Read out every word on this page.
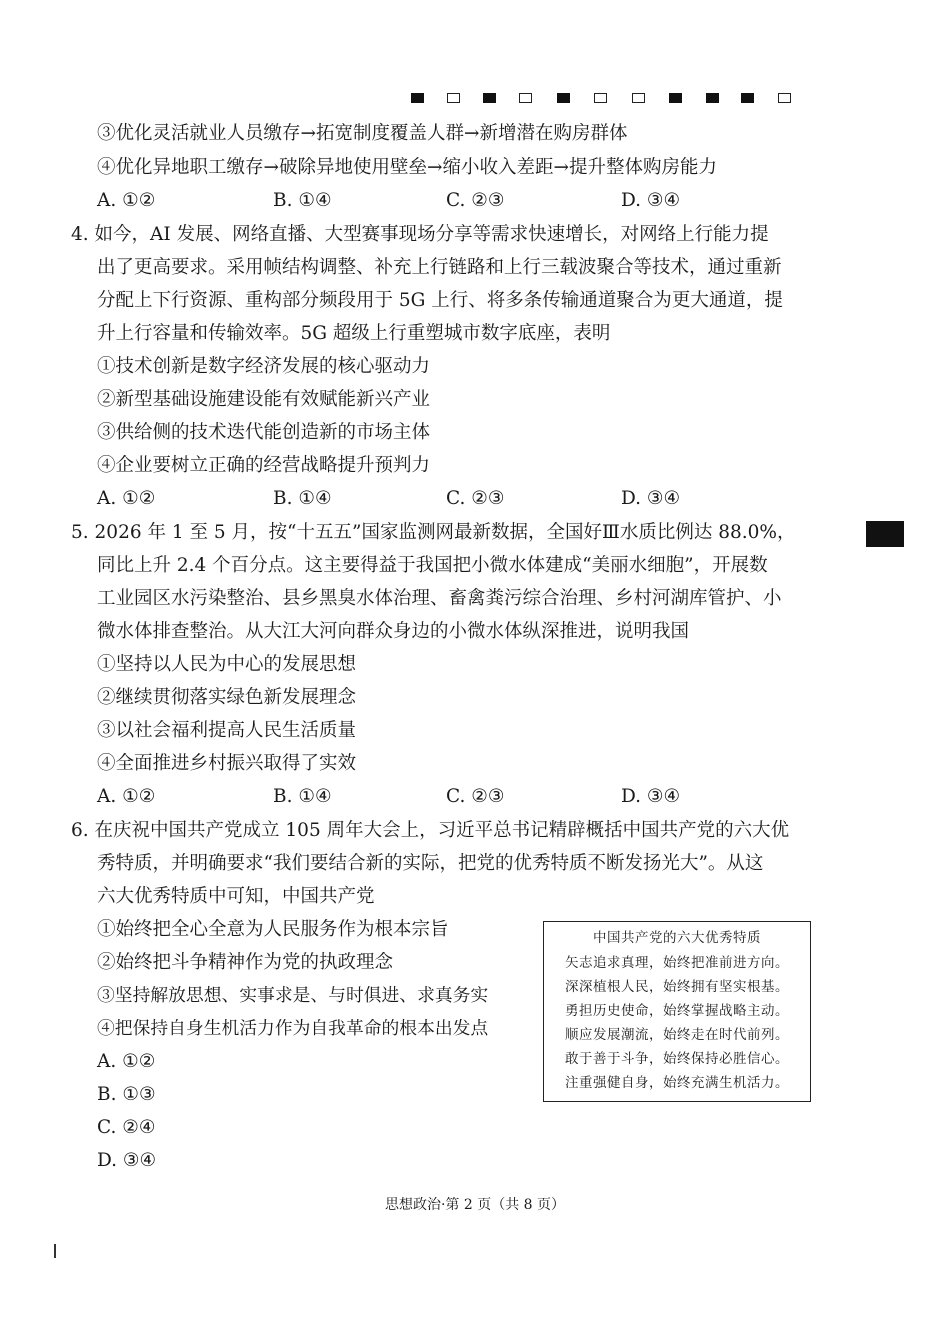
③优化灵活就业人员缴存→拓宽制度覆盖人群→新增潜在购房群体
④优化异地职工缴存→破除异地使用壁垒→缩小收入差距→提升整体购房能力
A. ①②	B. ①④	C. ②③	D. ③④
4. 如今，AI 发展、网络直播、大型赛事现场分享等需求快速增长，对网络上行能力提
出了更高要求。采用帧结构调整、补充上行链路和上行三载波聚合等技术，通过重新
分配上下行资源、重构部分频段用于 5G 上行、将多条传输通道聚合为更大通道，提
升上行容量和传输效率。5G 超级上行重塑城市数字底座，表明
①技术创新是数字经济发展的核心驱动力
②新型基础设施建设能有效赋能新兴产业
③供给侧的技术迭代能创造新的市场主体
④企业要树立正确的经营战略提升预判力
A. ①②	B. ①④	C. ②③	D. ③④
5. 2026 年 1 至 5 月，按“十五五”国家监测网最新数据，全国好Ⅲ水质比例达 88.0%，
同比上升 2.4 个百分点。这主要得益于我国把小微水体建成“美丽水细胞”，开展数
工业园区水污染整治、县乡黑臭水体治理、畜禽粪污综合治理、乡村河湖库管护、小
微水体排查整治。从大江大河向群众身边的小微水体纵深推进，说明我国
①坚持以人民为中心的发展思想
②继续贯彻落实绿色新发展理念
③以社会福利提高人民生活质量
④全面推进乡村振兴取得了实效
A. ①②	B. ①④	C. ②③	D. ③④
6. 在庆祝中国共产党成立 105 周年大会上，习近平总书记精辟概括中国共产党的六大优
秀特质，并明确要求“我们要结合新的实际，把党的优秀特质不断发扬光大”。从这
六大优秀特质中可知，中国共产党
①始终把全心全意为人民服务作为根本宗旨
②始终把斗争精神作为党的执政理念
③坚持解放思想、实事求是、与时俱进、求真务实
④把保持自身生机活力作为自我革命的根本出发点
A. ①②
B. ①③
C. ②④
D. ③④
中国共产党的六大优秀特质
矢志追求真理，始终把准前进方向。
深深植根人民，始终拥有坚实根基。
勇担历史使命，始终掌握战略主动。
顺应发展潮流，始终走在时代前列。
敢于善于斗争，始终保持必胜信心。
注重强健自身，始终充满生机活力。
思想政治·第 2 页（共 8 页）
